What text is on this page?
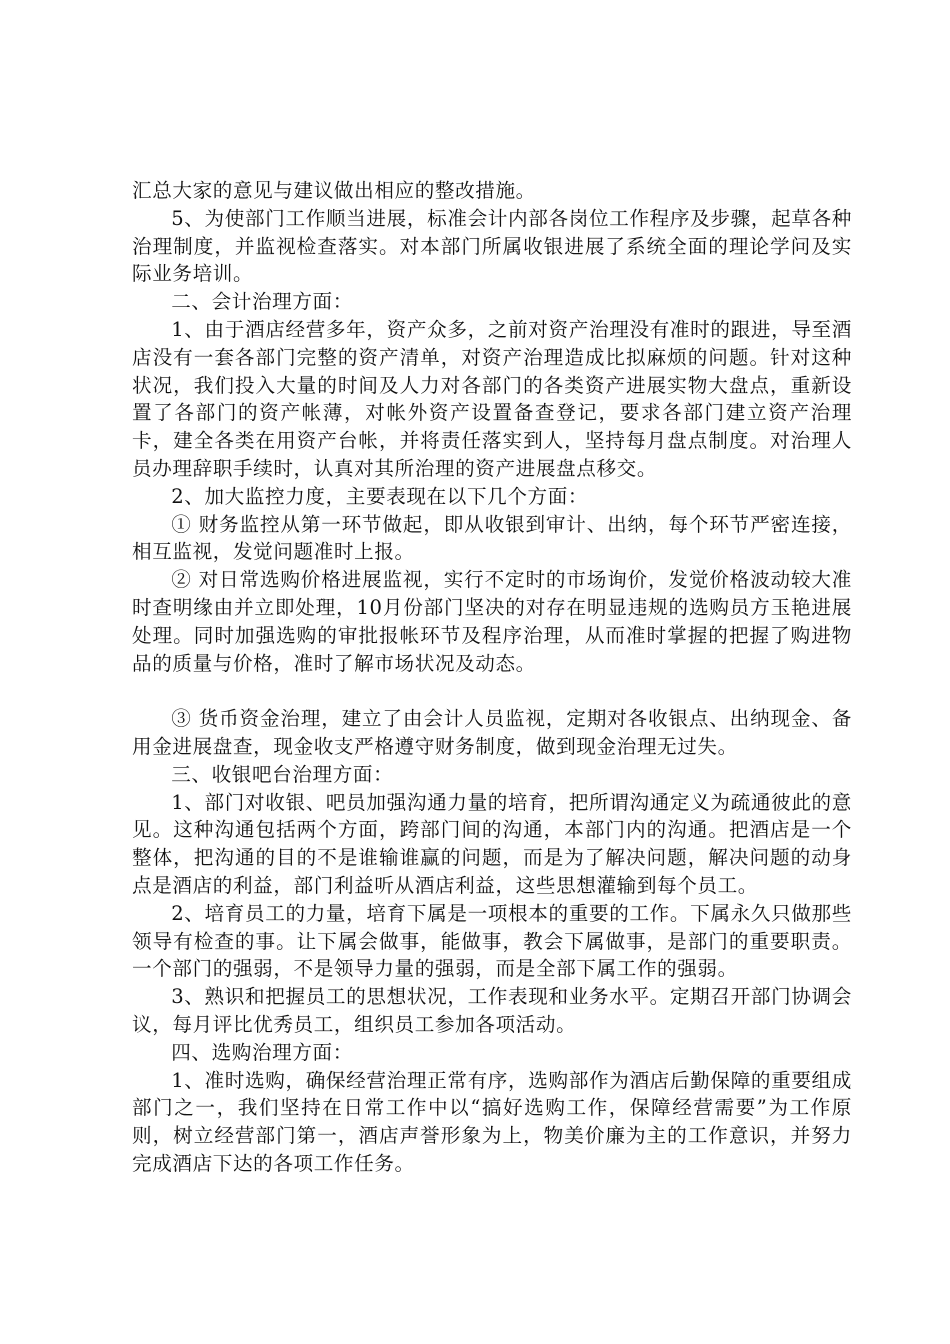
汇总大家的意见与建议做出相应的整改措施。

5、为使部门工作顺当进展，标准会计内部各岗位工作程序及步骤，起草各种治理制度，并监视检查落实。对本部门所属收银进展了系统全面的理论学问及实际业务培训。

二、会计治理方面：

1、由于酒店经营多年，资产众多，之前对资产治理没有准时的跟进，导至酒店没有一套各部门完整的资产清单，对资产治理造成比拟麻烦的问题。针对这种状况，我们投入大量的时间及人力对各部门的各类资产进展实物大盘点，重新设置了各部门的资产帐薄，对帐外资产设置备查登记，要求各部门建立资产治理卡，建全各类在用资产台帐，并将责任落实到人，坚持每月盘点制度。对治理人员办理辞职手续时，认真对其所治理的资产进展盘点移交。

2、加大监控力度，主要表现在以下几个方面：

① 财务监控从第一环节做起，即从收银到审计、出纳，每个环节严密连接，相互监视，发觉问题准时上报。

② 对日常选购价格进展监视，实行不定时的市场询价，发觉价格波动较大准时查明缘由并立即处理，10月份部门坚决的对存在明显违规的选购员方玉艳进展处理。同时加强选购的审批报帐环节及程序治理，从而准时掌握的把握了购进物品的质量与价格，准时了解市场状况及动态。

③ 货币资金治理，建立了由会计人员监视，定期对各收银点、出纳现金、备用金进展盘查，现金收支严格遵守财务制度，做到现金治理无过失。

三、收银吧台治理方面：

1、部门对收银、吧员加强沟通力量的培育，把所谓沟通定义为疏通彼此的意见。这种沟通包括两个方面，跨部门间的沟通，本部门内的沟通。把酒店是一个整体，把沟通的目的不是谁输谁赢的问题，而是为了解决问题，解决问题的动身点是酒店的利益，部门利益听从酒店利益，这些思想灌输到每个员工。

2、培育员工的力量，培育下属是一项根本的重要的工作。下属永久只做那些领导有检查的事。让下属会做事，能做事，教会下属做事，是部门的重要职责。一个部门的强弱，不是领导力量的强弱，而是全部下属工作的强弱。

3、熟识和把握员工的思想状况，工作表现和业务水平。定期召开部门协调会议，每月评比优秀员工，组织员工参加各项活动。

四、选购治理方面：

1、准时选购，确保经营治理正常有序，选购部作为酒店后勤保障的重要组成部门之一，我们坚持在日常工作中以“搞好选购工作，保障经营需要”为工作原则，树立经营部门第一，酒店声誉形象为上，物美价廉为主的工作意识，并努力完成酒店下达的各项工作任务。
